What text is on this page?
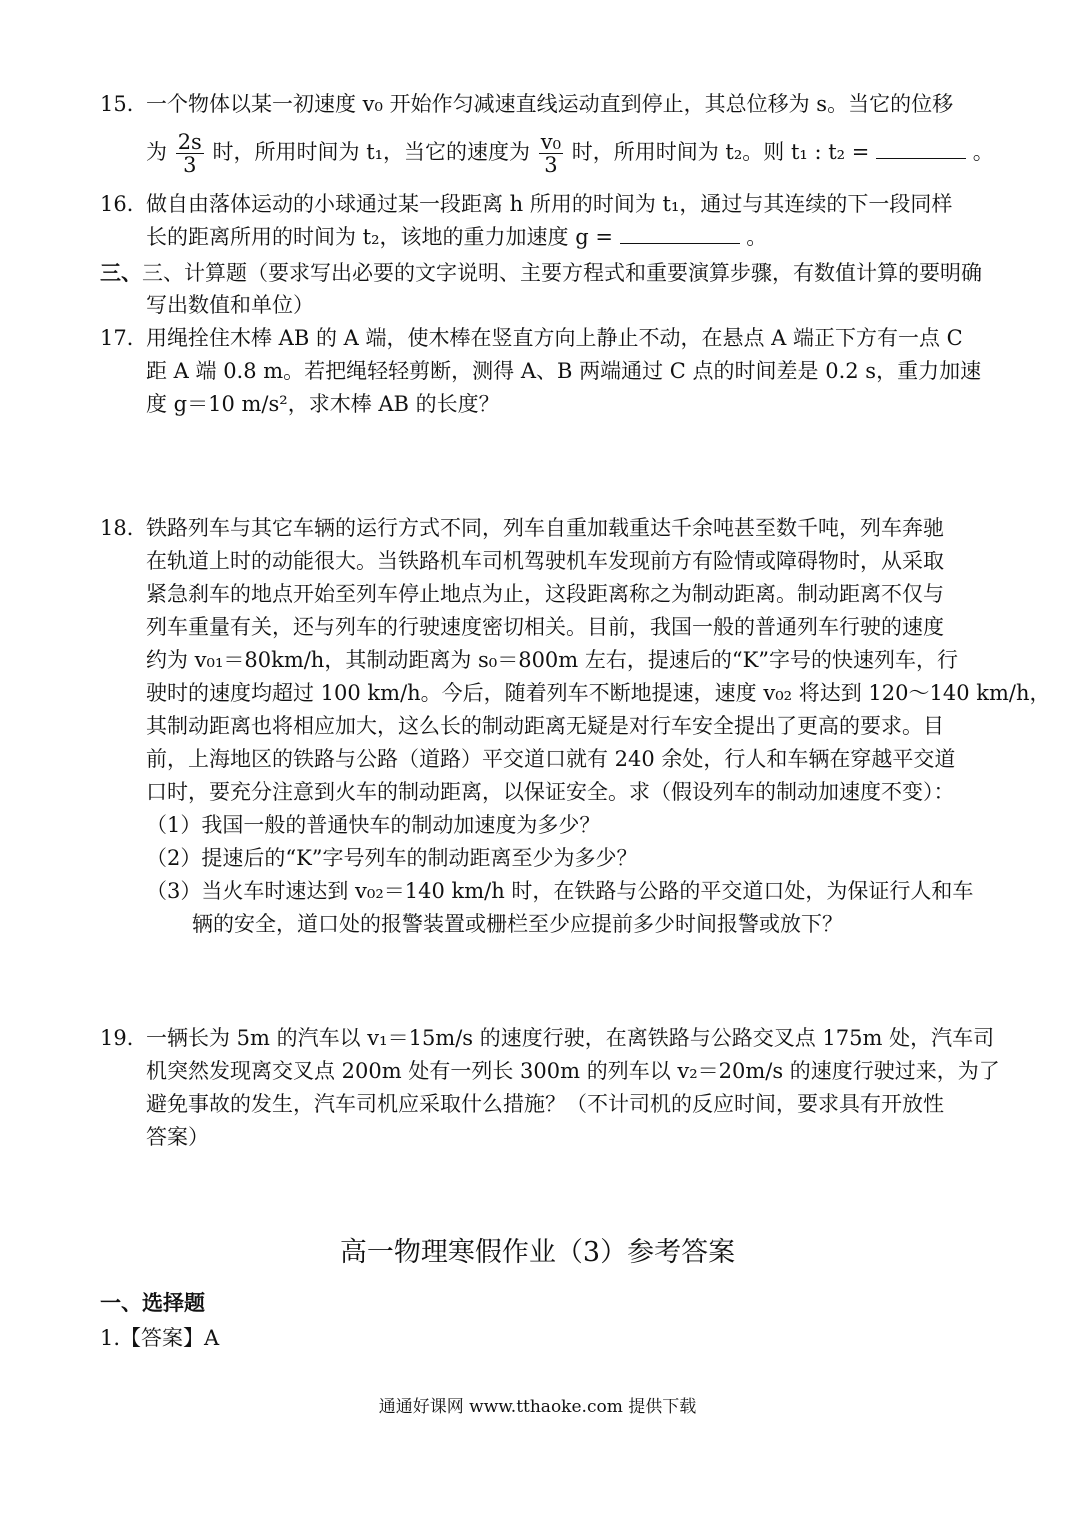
15．
一个物体以某一初速度 v₀ 开始作匀减速直线运动直到停止，其总位移为 s。当它的位移
为 $\frac{2s}{3}$ 时，所用时间为 t₁，当它的速度为 $\frac{\text{v₀}}{3}$ 时，所用时间为 t₂。则 t₁ : t₂ =	。
16．
做自由落体运动的小球通过某一段距离 h 所用的时间为 t₁，通过与其连续的下一段同样
长的距离所用的时间为 t₂，该地的重力加速度 g =	。
三、三、计算题（要求写出必要的文字说明、主要方程式和重要演算步骤，有数值计算的要明确
写出数值和单位）
17．
用绳拴住木棒 AB 的 A 端，使木棒在竖直方向上静止不动，在悬点 A 端正下方有一点 C
距 A 端 0.8 m。若把绳轻轻剪断，测得 A、B 两端通过 C 点的时间差是 0.2 s，重力加速
度 g＝10 m/s²，求木棒 AB 的长度？
18．
铁路列车与其它车辆的运行方式不同，列车自重加载重达千余吨甚至数千吨，列车奔驰
在轨道上时的动能很大。当铁路机车司机驾驶机车发现前方有险情或障碍物时，从采取
紧急刹车的地点开始至列车停止地点为止，这段距离称之为制动距离。制动距离不仅与
列车重量有关，还与列车的行驶速度密切相关。目前，我国一般的普通列车行驶的速度
约为 v₀₁＝80km/h，其制动距离为 s₀＝800m 左右，提速后的“K”字号的快速列车，行
驶时的速度均超过 100 km/h。今后，随着列车不断地提速，速度 v₀₂ 将达到 120～140 km/h，
其制动距离也将相应加大，这么长的制动距离无疑是对行车安全提出了更高的要求。目
前，上海地区的铁路与公路（道路）平交道口就有 240 余处，行人和车辆在穿越平交道
口时，要充分注意到火车的制动距离，以保证安全。求（假设列车的制动加速度不变）：
（1）我国一般的普通快车的制动加速度为多少？
（2）提速后的“K”字号列车的制动距离至少为多少？
（3）当火车时速达到 v₀₂＝140 km/h 时，在铁路与公路的平交道口处，为保证行人和车
辆的安全，道口处的报警装置或栅栏至少应提前多少时间报警或放下？
19．
一辆长为 5m 的汽车以 v₁＝15m/s 的速度行驶，在离铁路与公路交叉点 175m 处，汽车司
机突然发现离交叉点 200m 处有一列长 300m 的列车以 v₂＝20m/s 的速度行驶过来，为了
避免事故的发生，汽车司机应采取什么措施？（不计司机的反应时间，要求具有开放性
答案）
高一物理寒假作业（3）参考答案
一、选择题
1.【答案】A
通通好课网 www.tthaoke.com 提供下载
